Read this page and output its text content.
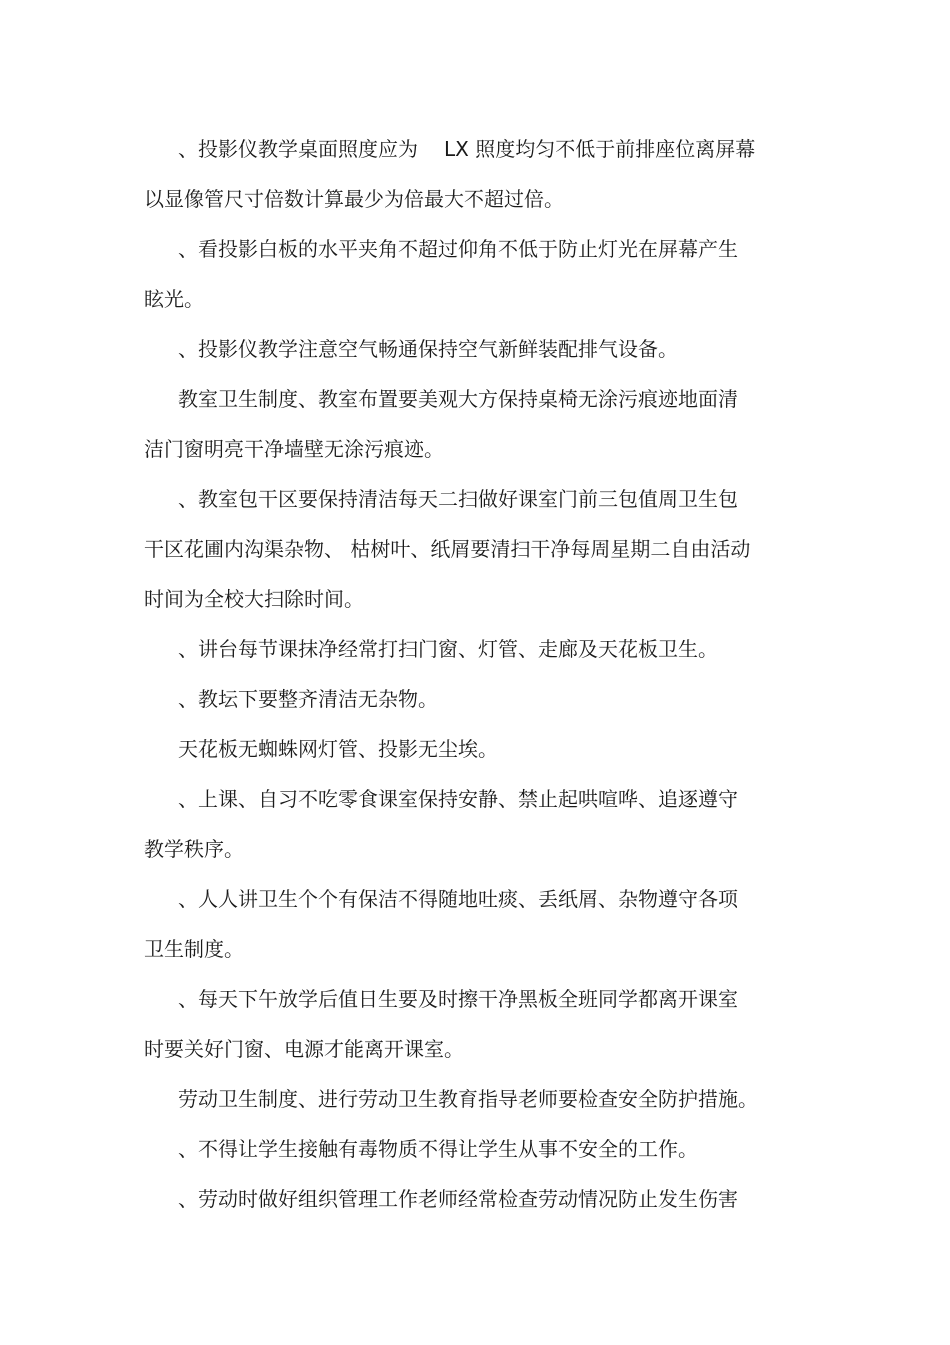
、投影仪教学桌面照度应为 LX 照度均匀不低于前排座位离屏幕
以显像管尺寸倍数计算最少为倍最大不超过倍。
、看投影白板的水平夹角不超过仰角不低于防止灯光在屏幕产生
眩光。
、投影仪教学注意空气畅通保持空气新鲜装配排气设备。
教室卫生制度、教室布置要美观大方保持桌椅无涂污痕迹地面清
洁门窗明亮干净墙壁无涂污痕迹。
、教室包干区要保持清洁每天二扫做好课室门前三包值周卫生包
干区花圃内沟渠杂物、 枯树叶、纸屑要清扫干净每周星期二自由活动
时间为全校大扫除时间。
、讲台每节课抹净经常打扫门窗、灯管、走廊及天花板卫生。
、教坛下要整齐清洁无杂物。
天花板无蜘蛛网灯管、投影无尘埃。
、上课、自习不吃零食课室保持安静、禁止起哄喧哗、追逐遵守
教学秩序。
、人人讲卫生个个有保洁不得随地吐痰、丢纸屑、杂物遵守各项
卫生制度。
、每天下午放学后值日生要及时擦干净黑板全班同学都离开课室
时要关好门窗、电源才能离开课室。
劳动卫生制度、进行劳动卫生教育指导老师要检查安全防护措施。
、不得让学生接触有毒物质不得让学生从事不安全的工作。
、劳动时做好组织管理工作老师经常检查劳动情况防止发生伤害
